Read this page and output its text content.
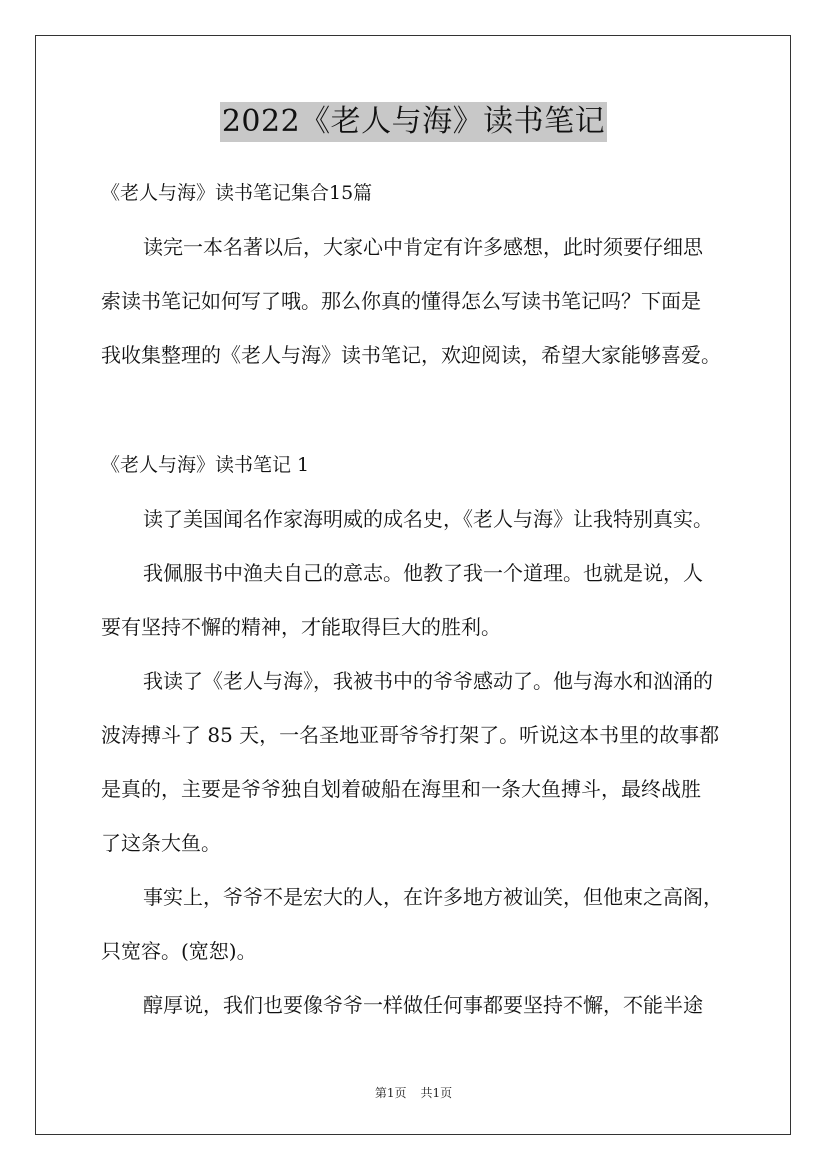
2022《老人与海》读书笔记
《老人与海》读书笔记集合15篇
读完一本名著以后，大家心中肯定有许多感想，此时须要仔细思
索读书笔记如何写了哦。那么你真的懂得怎么写读书笔记吗？下面是
我收集整理的《老人与海》读书笔记，欢迎阅读，希望大家能够喜爱。
《老人与海》读书笔记 1
读了美国闻名作家海明威的成名史，《老人与海》让我特别真实。
我佩服书中渔夫自己的意志。他教了我一个道理。也就是说，人
要有坚持不懈的精神，才能取得巨大的胜利。
我读了《老人与海》，我被书中的爷爷感动了。他与海水和汹涌的
波涛搏斗了 85 天，一名圣地亚哥爷爷打架了。听说这本书里的故事都
是真的，主要是爷爷独自划着破船在海里和一条大鱼搏斗，最终战胜
了这条大鱼。
事实上，爷爷不是宏大的人，在许多地方被讪笑，但他束之高阁，
只宽容。(宽恕)。
醇厚说，我们也要像爷爷一样做任何事都要坚持不懈，不能半途
第1页 共1页
